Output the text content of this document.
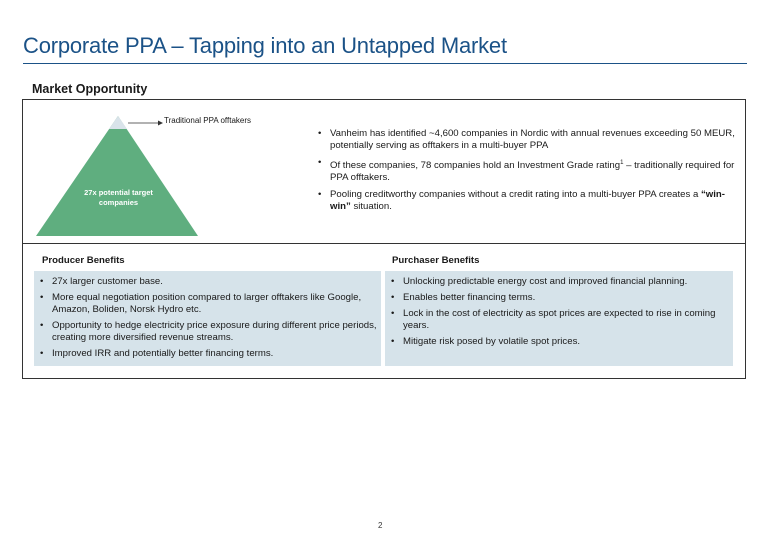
Corporate PPA – Tapping into an Untapped Market
Market Opportunity
Traditional PPA offtakers
27x potential target companies
• Vanheim has identified ~4,600 companies in Nordic with annual revenues exceeding 50 MEUR, potentially serving as offtakers in a multi-buyer PPA
• Of these companies, 78 companies hold an Investment Grade rating$^1$ – traditionally required for PPA offtakers.
• Pooling creditworthy companies without a credit rating into a multi-buyer PPA creates a “win-win” situation.
Producer Benefits	Purchaser Benefits
• 27x larger customer base.
• More equal negotiation position compared to larger offtakers like Google, Amazon, Boliden, Norsk Hydro etc.
• Opportunity to hedge electricity price exposure during different price periods, creating more diversified revenue streams.
• Improved IRR and potentially better financing terms.
• Unlocking predictable energy cost and improved financial planning.
• Enables better financing terms.
• Lock in the cost of electricity as spot prices are expected to rise in coming years.
• Mitigate risk posed by volatile spot prices.
2
